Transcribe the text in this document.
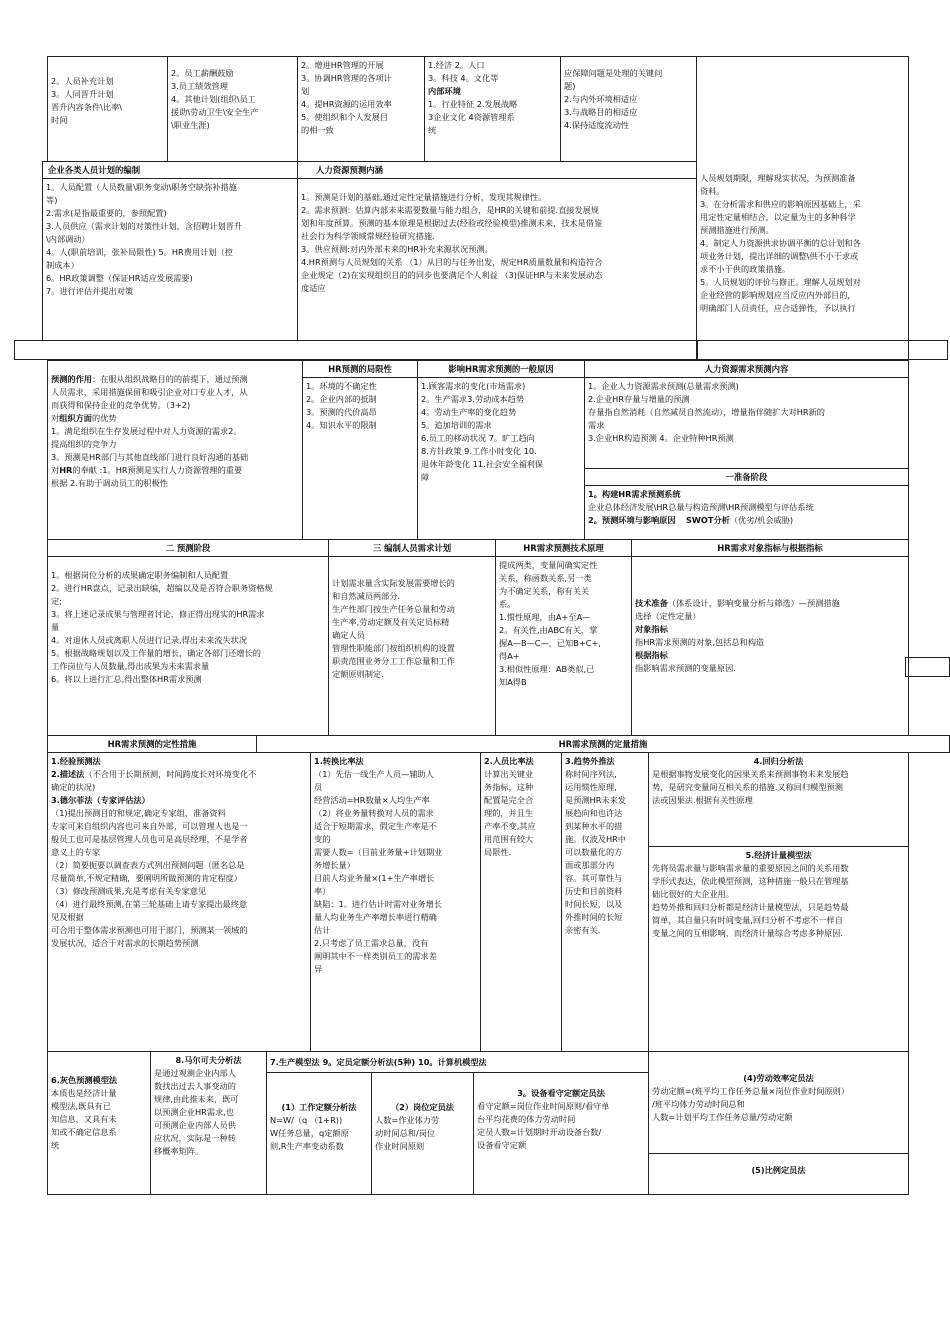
2。人员补充计划
3。人同晋升计划
晋升内容条件\比率\
时间
2。员工薪酬鼓励
3.员工绩效管理
4。其他计划(组织\员工
援助\劳动卫生\安全生产
\职业生涯)
2。增进HR管理的开展
3。协调HR管理的各项计
划
4。提HR资源的运用效率
5。使组织和个人发展目
的相一致
1.经济 2。人口
3。科技 4。文化等
内部环境
1。行业特征 2.发展战略
3企业文化 4资源管理系
统
应保障问题是处理的关键问
题)
2.与内外环境相适应
3.与战略目的相适应
4.保持适度流动性
人员规划期限，理解现实状况，为预测准备
资料。
3。在分析需求和供应的影响原因基础上，采
用定性定量相结合，以定量为主的多种科学
预测措施进行预测。
4。制定人力资源供求协调平衡的总计划和各
项业务计划，提出详细的调整\供不小于求或
求不小于供的政策措施。
5。人员规划的评价与修正。理解人员规划对
企业经营的影响规划应当反应内外部目的，
明确部门人员责任，应合适弹性，予以执行
企业各类人员计划的编制
1。人员配置（人员数量\职务变动\职务空缺弥补措施
等)
2.需求(是指最重要的，参照配置)
3.人员供应（需求计划的对策性计划，含招聘计划晋升
\内部调动）
4。人(职前培训，张补局限性) 5。HR费用计划（控
制成本）
6。HR政策调整（保证HR适应发展需要)
7。进行评估并提出对策
人力资源预测内涵
1。预测是计划的基础,通过定性定量措施进行分析，发现其规律性。
2。需求预测：估算内部未来需要数量与能力组合，是HR的关键和前提.直接发展规
划和年度预算。预测的基本原理是根据过去(经验或经验模型)推测未来，技术是借鉴
社会行为科学领域常规经验研究措施.
3。供应预测:对内外部未来的HR补充来源状况预测。
4.HR预测与人员规划的关系 （1）从目的与任务出发，规定HR质量数量和构造符合
企业规定（2)在实现组织目的的同步也要满足个人利益 （3)保证HR与未来发展动态
度适应
预测的作用：在服从组织战略目的的前提下，通过预测
人员需求，采用措施保留和吸引企业对口专业人才，从
而获得和保持企业的竞争优势。（3+2)
对组织方面的优势
1。满足组织在生存发展过程中对人力资源的需求2。
提高组织的竞争力
3。预测是HR部门与其他直线部门进行良好沟通的基础
对HR的奉献 :1。HR预测是实行人力资源管理的重要
根据 2.有助于调动员工的积极性
HR预测的局限性
1。环境的不确定性
2。企业内部的抵制
3。预测的代价高昂
4。知识水平的限制
影响HR需求预测的一般原因
1.顾客需求的变化(市场需求)
2。生产需求3.劳动成本趋势
4。劳动生产率的变化趋势
5。追加培训的需求
6.员工的移动状况 7。旷工趋向
8.方针政策 9.工作小时变化 10.
退休年龄变化 11.社会安全福利保
障
人力资源需求预测内容
1。企业人力资源需求预测(总量需求预测)
2.企业HR存量与增量的预测
存量指自然消耗（自然减员自然流动），增量指伴随扩大对HR新的
需求
3.企业HR构造预测 4。企业特种HR预测
一准备阶段
1。构建HR需求预测系统
企业总体经济发展\HR总量与构造预测\HR预测模型与评估系统
2。预测环境与影响原因 SWOT分析（优劣/机会威胁)
二 预测阶段
1。根据岗位分析的成果确定职务编制和人员配置
2。进行HR盘点，记录出缺编，超编以及是否符合职务资格规
定;
3。将上述记录成果与管理者讨论，修正得出现实的HR需求
量
4。对退休人员或离职人员进行记录,得出未来流失状况
5。根据战略规划以及工作量的增长，确定各部门还增长的
工作岗位与人员数量,得出成果为未来需求量
6。将以上进行汇总,得出整体HR需求预测
三 编制人员需求计划
计划需求量含实际发展需要增长的
和自然减员两部分.
生产性部门按生产任务总量和劳动
生产率,劳动定额及有关定员标精
确定人员
管理性职能部门按组织机构的设置
职责范围业务分工工作总量和工作
定额原则制定.
HR需求预测技术原理
提成两类，变量间确实定性
关系，称函数关系,另一类
为不确定关系，称有关关
系。
1.惯性原理，由A+至A—
2。有关性,由ABC有关，掌
握A—B—C—，已知B+C+,
得A+
3.相似性原理：AB类似,已
知A得B
HR需求对象指标与根据指标
技术准备（体系设计，影响变量分析与筛选）—预测措施
选择（定性定量）
对象指标
指HR需求预测的对象,包括总和构造
根据指标
指影响需求预测的变量原因.
HR需求预测的定性措施	HR需求预测的定量措施
1.经验预测法
2.描述法（不合用于长期预测，时间跨度长对环境变化不
确定的状况)
3.德尔菲法（专家评估法）
（1)提出预测目的和规定,确定专家组，准备资料
专家可来自组织内容也可来自外部，可以管理人也是一
般员工也可是基层管理人员也可是高层经理，不是学者
意义上的专家
（2）简要扼要以调查表方式列出预测问题（匿名总是
尽量简单,不规定精确，要阐明所做预测的肯定程度）
（3）修改预测成果,充是考虑有关专家意见
（4）进行最终预测,在第三轮基础上请专家提出最终意
见及根据
可合用于整体需求预测也可用于部门，预测某一领域的
发展状况，适合于对需求的长期趋势预测
1.转换比率法
（1）先估一线生产人员—辅助人
员
经营活动=HR数量×人均生产率
（2）将业务量转换对人员的需求
适合于短期需求，假定生产率是不
变的
需要人数=（目前业务量+计划期业
务增长量）
目前人均业务量×(1+生产率增长
率）
缺陷：1。进行估计时需对业务增长
量人均业务生产率增长率进行精确
估计
2.只考虑了员工需求总量，没有
阐明其中不一样类别员工的需求差
异
2.人员比率法
计算出关键业
务指标，这种
配置是完全合
理的，并且生
产率不变,其应
用范围有较大
局限性.
3.趋势外推法
称时间序列法,
运用惯性原理,
是预测HR未来发
展趋向和也许达
到某种水平的措
施。仅波及HR中
可以数量化的方
面或那部分内
容。其可靠性与
历史和目前资料
时间长短，以及
外推时间的长短
亲密有关.
4.回归分析法
是根据事物发展变化的因果关系来预测事物未来发展趋
势，是研究变量间互相关系的措施.又称回归模型预测
法或因果法.根据有关性原理
5.经济计量模型法
先将员需求量与影响需求量的重要原因之间的关系用数
学形式表达，依此模型预测，这种措施一般只在管理基
础比很好的大企业用。
趋势外推和回归分析都是经济计量模型法，只是趋势最
简单，其自量只有时间变量,回归分析不考虑不一样自
变量之间的互相影响，而经济计量综合考虑多种原因.
6.灰色预测模型法
本质也是经济计量
模型法,既具有已
知信息，又具有未
知或不确定信息系
统
8.马尔可夫分析法
是通过观测企业内部人
数找出过去人事变动的
规律,由此推未来，既可
以预测企业HR需求,也
可预测企业内部人员供
应状况，实际是一种转
移概率矩阵。
7.生产模型法 9。定员定额分析法(5种) 10。计算机模型法
(1）工作定额分析法
N=W/（q （1+R))
W任务总量，q定额原
则,R生产率变动系数
（2）岗位定员法
人数=作业体力劳
动时间总和/岗位
作业时间原则
3。设备看守定额定员法
看守定额=岗位作业时间原则/看守单
台平均花费的体力劳动时间
定员人数=计划期时开动设备台数/
设备看守定额
(4)劳动效率定员法
劳动定额=(班平均工作任务总量×岗位作业时间原则）
/班平均体力劳动时间总和
人数=计划平均工作任务总量/劳动定额
(5)比例定员法
